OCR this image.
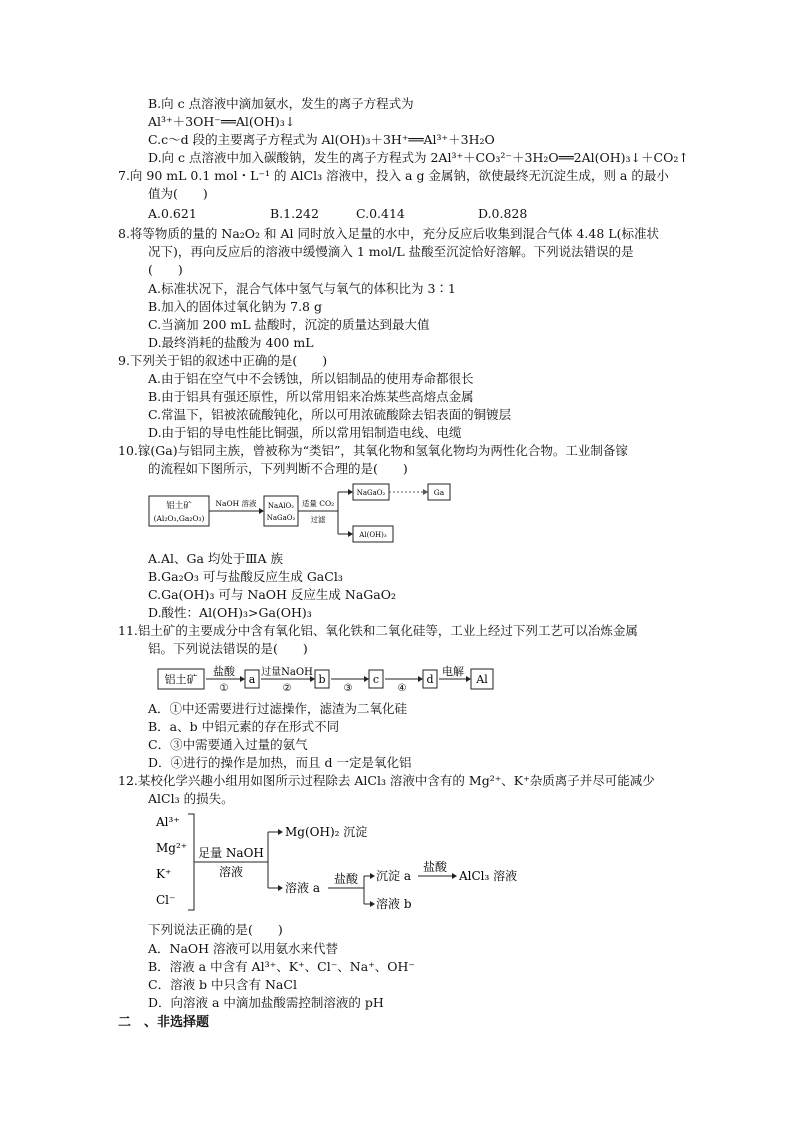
B.向 c 点溶液中滴加氨水，发生的离子方程式为
Al³⁺＋3OH⁻══Al(OH)₃↓
C.c～d 段的主要离子方程式为 Al(OH)₃＋3H⁺══Al³⁺＋3H₂O
D.向 c 点溶液中加入碳酸钠，发生的离子方程式为 2Al³⁺＋CO₃²⁻＋3H₂O══2Al(OH)₃↓＋CO₂↑
7.向 90 mL 0.1 mol・L⁻¹ 的 AlCl₃ 溶液中，投入 a g 金属钠，欲使最终无沉淀生成，则 a 的最小
值为(　　)
A.0.621	B.1.242	C.0.414	D.0.828
8.将等物质的量的 Na₂O₂ 和 Al 同时放入足量的水中，充分反应后收集到混合气体 4.48 L(标准状
况下)，再向反应后的溶液中缓慢滴入 1 mol/L 盐酸至沉淀恰好溶解。下列说法错误的是
(　　)
A.标准状况下，混合气体中氢气与氧气的体积比为 3∶1
B.加入的固体过氧化钠为 7.8 g
C.当滴加 200 mL 盐酸时，沉淀的质量达到最大值
D.最终消耗的盐酸为 400 mL
9.下列关于铝的叙述中正确的是(　　)
A.由于铝在空气中不会锈蚀，所以铝制品的使用寿命都很长
B.由于铝具有强还原性，所以常用铝来冶炼某些高熔点金属
C.常温下，铝被浓硫酸钝化，所以可用浓硫酸除去铝表面的铜镀层
D.由于铝的导电性能比铜强，所以常用铝制造电线、电缆
10.镓(Ga)与铝同主族，曾被称为“类铝”，其氧化物和氢氧化物均为两性化合物。工业制备镓
的流程如下图所示，下列判断不合理的是(　　)
铝土矿
(Al₂O₃,Ga₂O₃)
NaOH 溶液 NaAlO₂
NaGaO₂
适量 CO₂
过滤
NaGaO₂	Ga
Al(OH)₃
A.Al、Ga 均处于ⅢA 族
B.Ga₂O₃ 可与盐酸反应生成 GaCl₃
C.Ga(OH)₃ 可与 NaOH 反应生成 NaGaO₂
D.酸性：Al(OH)₃>Ga(OH)₃
11.铝土矿的主要成分中含有氧化铝、氧化铁和二氧化硅等，工业上经过下列工艺可以冶炼金属
铝。下列说法错误的是(　　)
铝土矿
盐酸
①
a
过量NaOH
②
b
③
c
④
d
电解
Al
A．①中还需要进行过滤操作，滤渣为二氧化硅
B．a、b 中铝元素的存在形式不同
C．③中需要通入过量的氨气
D．④进行的操作是加热，而且 d 一定是氧化铝
12.某校化学兴趣小组用如图所示过程除去 AlCl₃ 溶液中含有的 Mg²⁺、K⁺杂质离子并尽可能减少
AlCl₃ 的损失。
Al³⁺
Mg²⁺
K⁺
Cl⁻
足量 NaOH
溶液
Mg(OH)₂ 沉淀
溶液 a
盐酸 沉淀 a
溶液 b
盐酸
AlCl₃ 溶液
下列说法正确的是(　　)
A．NaOH 溶液可以用氨水来代替
B．溶液 a 中含有 Al³⁺、K⁺、Cl⁻、Na⁺、OH⁻
C．溶液 b 中只含有 NaCl
D．向溶液 a 中滴加盐酸需控制溶液的 pH
二　、非选择题
